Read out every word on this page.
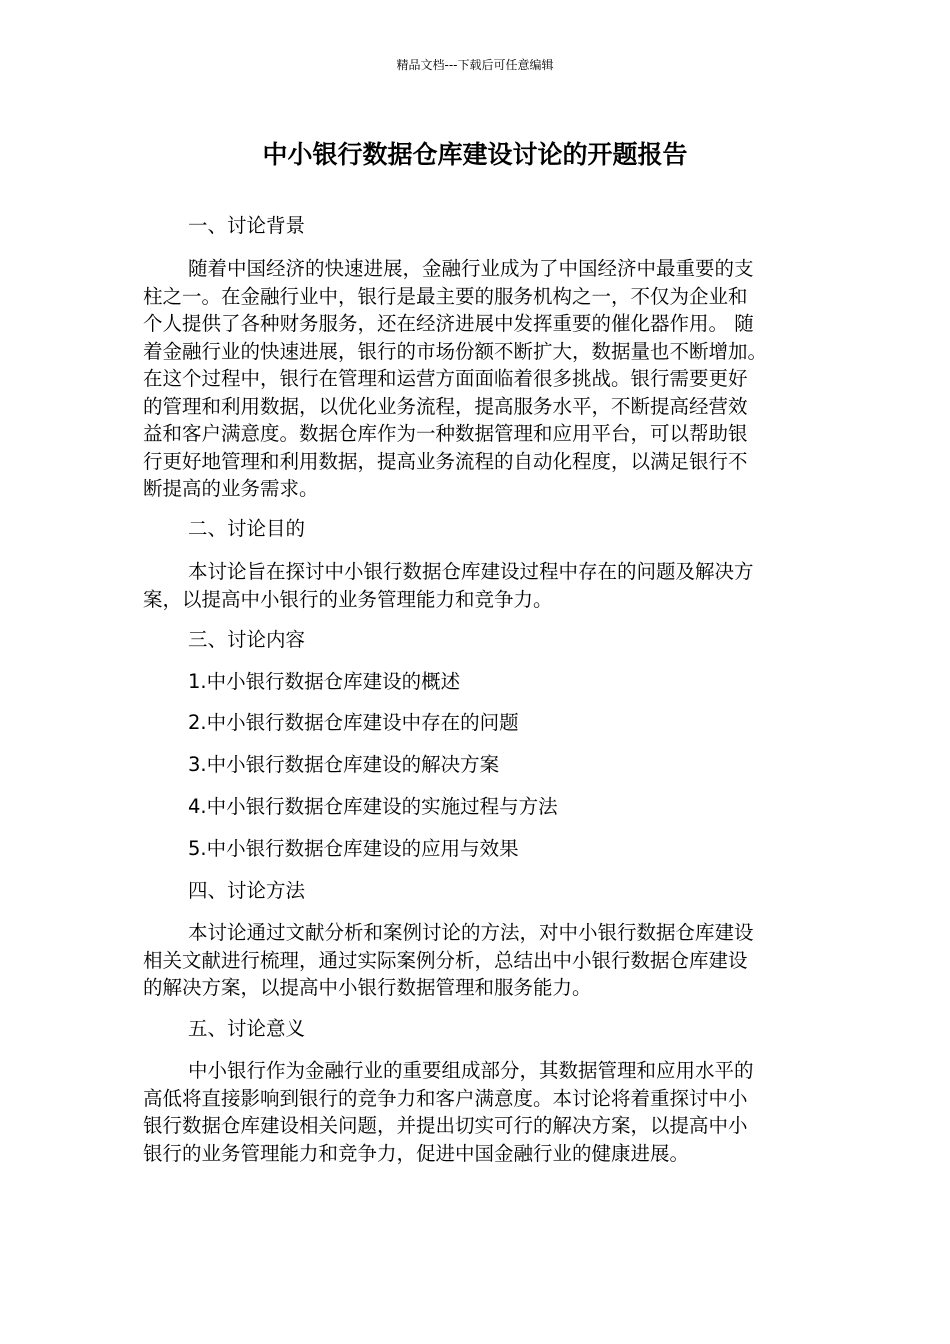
精品文档---下载后可任意编辑
中小银行数据仓库建设讨论的开题报告

一、讨论背景

随着中国经济的快速进展，金融行业成为了中国经济中最重要的支
柱之一。在金融行业中，银行是最主要的服务机构之一，不仅为企业和
个人提供了各种财务服务，还在经济进展中发挥重要的催化器作用。 随
着金融行业的快速进展，银行的市场份额不断扩大，数据量也不断增加。
在这个过程中，银行在管理和运营方面面临着很多挑战。银行需要更好
的管理和利用数据，以优化业务流程，提高服务水平，不断提高经营效
益和客户满意度。数据仓库作为一种数据管理和应用平台，可以帮助银
行更好地管理和利用数据，提高业务流程的自动化程度，以满足银行不
断提高的业务需求。

二、讨论目的

本讨论旨在探讨中小银行数据仓库建设过程中存在的问题及解决方
案，以提高中小银行的业务管理能力和竞争力。

三、讨论内容

1.中小银行数据仓库建设的概述

2.中小银行数据仓库建设中存在的问题

3.中小银行数据仓库建设的解决方案

4.中小银行数据仓库建设的实施过程与方法

5.中小银行数据仓库建设的应用与效果

四、讨论方法

本讨论通过文献分析和案例讨论的方法，对中小银行数据仓库建设
相关文献进行梳理，通过实际案例分析，总结出中小银行数据仓库建设
的解决方案，以提高中小银行数据管理和服务能力。

五、讨论意义

中小银行作为金融行业的重要组成部分，其数据管理和应用水平的
高低将直接影响到银行的竞争力和客户满意度。本讨论将着重探讨中小
银行数据仓库建设相关问题，并提出切实可行的解决方案，以提高中小
银行的业务管理能力和竞争力，促进中国金融行业的健康进展。
